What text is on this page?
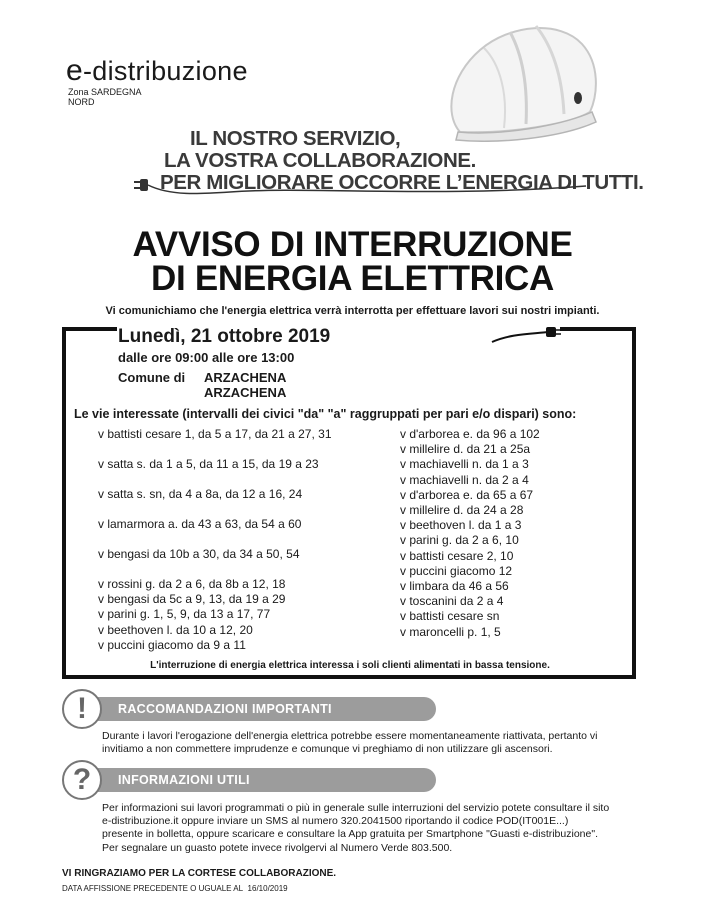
e-distribuzione
Zona SARDEGNA
NORD
IL NOSTRO SERVIZIO,
LA VOSTRA COLLABORAZIONE.
PER MIGLIORARE OCCORRE L’ENERGIA DI TUTTI.
AVVISO DI INTERRUZIONE
DI ENERGIA ELETTRICA
Vi comunichiamo che l'energia elettrica verrà interrotta per effettuare lavori sui nostri impianti.
Lunedì, 21 ottobre 2019
dalle ore 09:00 alle ore 13:00
Comune di ARZACHENA
ARZACHENA
Le vie interessate (intervalli dei civici "da" "a" raggruppati per pari e/o dispari) sono:
v battisti cesare 1, da 5 a 17, da 21 a 27, 31
v satta s. da 1 a 5, da 11 a 15, da 19 a 23
v satta s. sn, da 4 a 8a, da 12 a 16, 24
v lamarmora a. da 43 a 63, da 54 a 60
v bengasi da 10b a 30, da 34 a 50, 54
v rossini g. da 2 a 6, da 8b a 12, 18
v bengasi da 5c a 9, 13, da 19 a 29
v parini g. 1, 5, 9, da 13 a 17, 77
v beethoven l. da 10 a 12, 20
v puccini giacomo da 9 a 11
v d'arborea e. da 96 a 102
v millelire d. da 21 a 25a
v machiavelli n. da 1 a 3
v machiavelli n. da 2 a 4
v d'arborea e. da 65 a 67
v millelire d. da 24 a 28
v beethoven l. da 1 a 3
v parini g. da 2 a 6, 10
v battisti cesare 2, 10
v puccini giacomo 12
v limbara da 46 a 56
v toscanini da 2 a 4
v battisti cesare sn
v maroncelli p. 1, 5
L'interruzione di energia elettrica interessa i soli clienti alimentati in bassa tensione.
RACCOMANDAZIONI IMPORTANTI
!
Durante i lavori l'erogazione dell'energia elettrica potrebbe essere momentaneamente riattivata, pertanto vi
invitiamo a non commettere imprudenze e comunque vi preghiamo di non utilizzare gli ascensori.
INFORMAZIONI UTILI
?
Per informazioni sui lavori programmati o più in generale sulle interruzioni del servizio potete consultare il sito
e-distribuzione.it oppure inviare un SMS al numero 320.2041500 riportando il codice POD(IT001E...)
presente in bolletta, oppure scaricare e consultare la App gratuita per Smartphone "Guasti e-distribuzione".
Per segnalare un guasto potete invece rivolgervi al Numero Verde 803.500.
VI RINGRAZIAMO PER LA CORTESE COLLABORAZIONE.
DATA AFFISSIONE PRECEDENTE O UGUALE AL 16/10/2019
